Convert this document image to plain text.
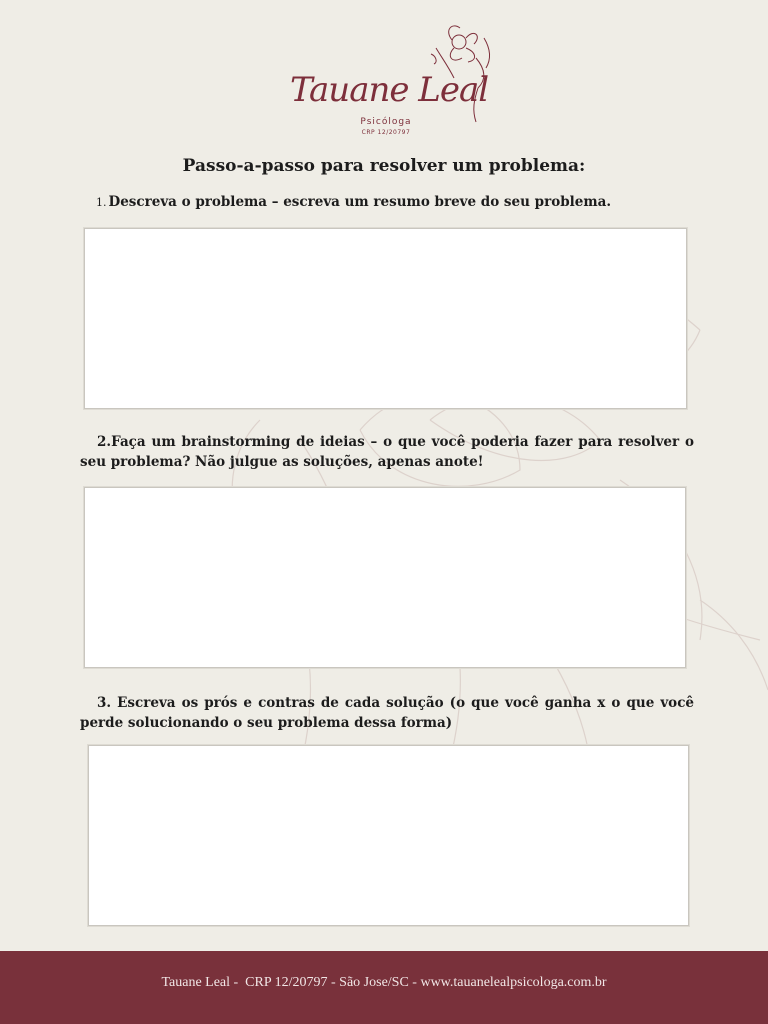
Tauane Leal
Psicóloga
CRP 12/20797
Passo-a-passo para resolver um problema:
1. Descreva o problema – escreva um resumo breve do seu problema.
2.Faça um brainstorming de ideias – o que você poderia fazer para resolver o seu problema? Não julgue as soluções, apenas anote!
3. Escreva os prós e contras de cada solução (o que você ganha x o que você perde solucionando o seu problema dessa forma)
Tauane Leal -  CRP 12/20797 - São Jose/SC - www.tauanelealpsicologa.com.br
